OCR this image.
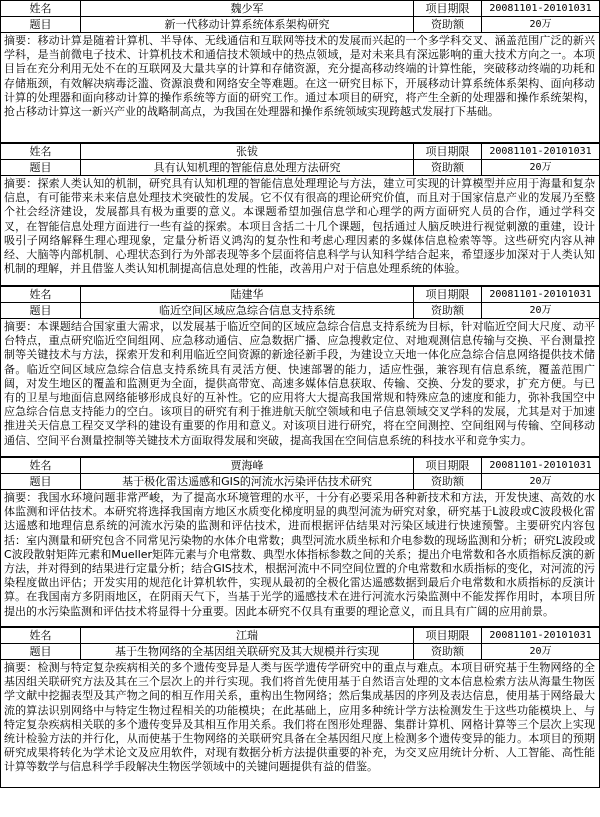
姓名	魏少军	项目期限	20081101-20101031
题目	新一代移动计算系统体系架构研究	资助额	20万
摘要：移动计算是随着计算机、半导体、无线通信和互联网等技术的发展而兴起的一个多学科交叉、涵盖范围广泛的新兴学科，是当前微电子技术、计算机技术和通信技术领域中的热点领域，是对未来具有深远影响的重大技术方向之一。本项目旨在充分利用无处不在的互联网及大量共享的计算和存储资源，充分提高移动终端的计算性能，突破移动终端的功耗和存储瓶颈，有效解决病毒泛滥、资源浪费和网络安全等难题。在这一研究目标下，开展移动计算系统体系架构、面向移动计算的处理器和面向移动计算的操作系统等方面的研究工作。通过本项目的研究，将产生全新的处理器和操作系统架构，抢占移动计算这一新兴产业的战略制高点，为我国在处理器和操作系统领域实现跨越式发展打下基础。
姓名	张钹	项目期限	20081101-20101031
题目	具有认知机理的智能信息处理方法研究	资助额	20万
摘要：探索人类认知的机制，研究具有认知机理的智能信息处理理论与方法，建立可实现的计算模型并应用于海量和复杂信息，有可能带来未来信息处理技术突破性的发展。它不仅有很高的理论研究价值，而且对于国家信息产业的发展乃至整个社会经济建设，发展都具有极为重要的意义。本课题希望加强信息学和心理学的两方面研究人员的合作，通过学科交叉，在智能信息处理方面进行一些有益的探索。本项目含括二十几个课题，包括通过人脑反映进行视觉刺激的重建，设计吸引子网络解释生理心理现象，定量分析语义鸿沟的复杂性和考虑心理因素的多媒体信息检索等等。这些研究内容从神经、大脑等内部机制、心理状态到行为外部表现等多个层面将信息科学与认知科学结合起来，希望逐步加深对于人类认知机制的理解，并且借鉴人类认知机制提高信息处理的性能，改善用户对于信息处理系统的体验。
姓名	陆建华	项目期限	20081101-20101031
题目	临近空间区域应急综合信息支持系统	资助额	20万
摘要：本课题结合国家重大需求，以发展基于临近空间的区域应急综合信息支持系统为目标，针对临近空间大尺度、动平台特点，重点研究临近空间组网、应急移动通信、应急数据广播、应急搜救定位、对地观测信息传输与交换、平台测量控制等关键技术与方法，探索开发和利用临近空间资源的新途径新手段，为建设立天地一体化应急综合信息网络提供技术储备。临近空间区域应急综合信息支持系统具有灵活方便、快速部署的能力，适应性强，兼容现有信息系统，覆盖范围广阔，对发生地区的覆盖和监测更为全面，提供高带宽、高速多媒体信息获取、传输、交换、分发的要求，扩充方便。与已有的卫星与地面信息网络能够形成良好的互补性。它的应用将大大提高我国常规和特殊应急的速度和能力，弥补我国空中应急综合信息支持能力的空白。该项目的研究有利于推进航天航空领域和电子信息领域交叉学科的发展，尤其是对于加速推进关天信息工程交叉学科的建设有重要的作用和意义。对该项目进行研究，将在空间测控、空间组网与传输、空间移动通信、空间平台测量控制等关键技术方面取得发展和突破，提高我国在空间信息系统的科技水平和竞争实力。
姓名	贾海峰	项目期限	20081101-20101031
题目	基于极化雷达遥感和GIS的河流水污染评估技术研究	资助额	20万
摘要：我国水环境问题非常严峻，为了提高水环境管理的水平，十分有必要采用各种新技术和方法，开发快速、高效的水体监测和评估技术。本研究将选择我国南方地区水质变化梯度明显的典型河流为研究对象，研究基于L波段或C波段极化雷达遥感和地理信息系统的河流水污染的监测和评估技术，进而根据评估结果对污染区域进行快速预警。主要研究内容包括：室内测量和研究包含不同常见污染物的水体介电常数；典型河流水质坐标和介电参数的现场监测和分析；研究L波段或C波段散射矩阵元素和Mueller矩阵元素与介电常数、典型水体指标参数之间的关系；提出介电常数和各水质指标反演的新方法，并对得到的结果进行定量分析；结合GIS技术，根据河流中不同空间位置的介电常数和水质指标的变化，对河流的污染程度做出评估；开发实用的规范化计算机软件，实现从最初的全极化雷达遥感数据到最后介电常数和水质指标的反演计算。在我国南方多阴雨地区，在阴雨天气下，当基于光学的遥感技术在进行河流水污染监测中不能发挥作用时，本项目所提出的水污染监测和评估技术将显得十分重要。因此本研究不仅具有重要的理论意义，而且具有广阔的应用前景。
姓名	江瑞	项目期限	20081101-20101031
题目	基于生物网络的全基因组关联研究及其大规模并行实现	资助额	20万
摘要：检测与特定复杂疾病相关的多个遗传变异是人类与医学遗传学研究中的重点与难点。本项目研究基于生物网络的全基因组关联研究方法及其在三个层次上的并行实现。我们将首先使用基于自然语言处理的文本信息检索方法从海量生物医学文献中挖掘表型及其产物之间的相互作用关系，重构出生物网络；然后集成基因的序列及表达信息，使用基于网络最大流的算法识别网络中与特定生物过程相关的功能模块；在此基础上，应用多种统计学方法检测发生于这些功能模块上、与特定复杂疾病相关联的多个遗传变异及其相互作用关系。我们将在图形处理器、集群计算机、网格计算等三个层次上实现统计检验方法的并行化，从而使基于生物网络的关联研究具备在全基因组尺度上检测多个遗传变异的能力。本项目的预期研究成果将转化为学术论文及应用软件，对现有数据分析方法提供重要的补充，为交叉应用统计分析、人工智能、高性能计算等数学与信息科学手段解决生物医学领域中的关键问题提供有益的借鉴。
